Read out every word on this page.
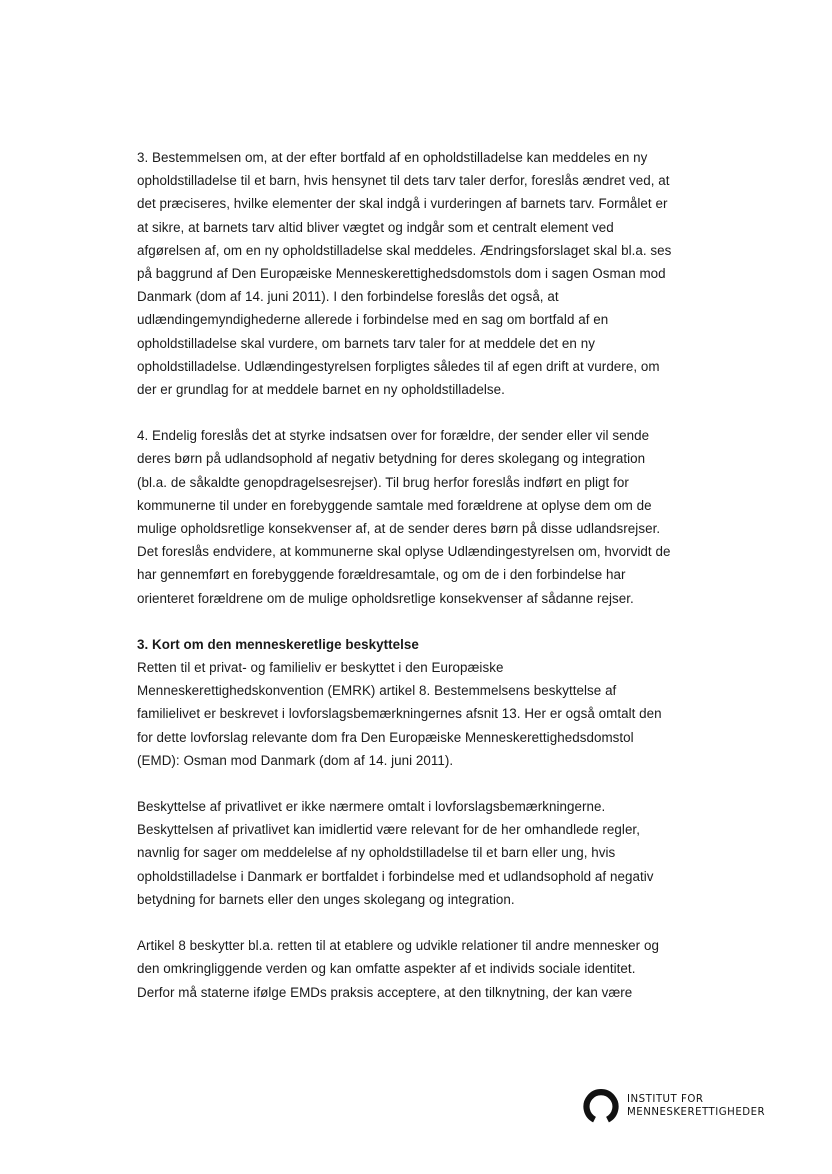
3. Bestemmelsen om, at der efter bortfald af en opholdstilladelse kan meddeles en ny
opholdstilladelse til et barn, hvis hensynet til dets tarv taler derfor, foreslås ændret ved, at
det præciseres, hvilke elementer der skal indgå i vurderingen af barnets tarv. Formålet er
at sikre, at barnets tarv altid bliver vægtet og indgår som et centralt element ved
afgørelsen af, om en ny opholdstilladelse skal meddeles. Ændringsforslaget skal bl.a. ses
på baggrund af Den Europæiske Menneskerettighedsdomstols dom i sagen Osman mod
Danmark (dom af 14. juni 2011). I den forbindelse foreslås det også, at
udlændingemyndighederne allerede i forbindelse med en sag om bortfald af en
opholdstilladelse skal vurdere, om barnets tarv taler for at meddele det en ny
opholdstilladelse. Udlændingestyrelsen forpligtes således til af egen drift at vurdere, om
der er grundlag for at meddele barnet en ny opholdstilladelse.

4. Endelig foreslås det at styrke indsatsen over for forældre, der sender eller vil sende
deres børn på udlandsophold af negativ betydning for deres skolegang og integration
(bl.a. de såkaldte genopdragelsesrejser). Til brug herfor foreslås indført en pligt for
kommunerne til under en forebyggende samtale med forældrene at oplyse dem om de
mulige opholdsretlige konsekvenser af, at de sender deres børn på disse udlandsrejser.
Det foreslås endvidere, at kommunerne skal oplyse Udlændingestyrelsen om, hvorvidt de
har gennemført en forebyggende forældresamtale, og om de i den forbindelse har
orienteret forældrene om de mulige opholdsretlige konsekvenser af sådanne rejser.

3. Kort om den menneskeretlige beskyttelse
Retten til et privat- og familieliv er beskyttet i den Europæiske
Menneskerettighedskonvention (EMRK) artikel 8. Bestemmelsens beskyttelse af
familielivet er beskrevet i lovforslagsbemærkningernes afsnit 13. Her er også omtalt den
for dette lovforslag relevante dom fra Den Europæiske Menneskerettighedsdomstol
(EMD): Osman mod Danmark (dom af 14. juni 2011).

Beskyttelse af privatlivet er ikke nærmere omtalt i lovforslagsbemærkningerne.
Beskyttelsen af privatlivet kan imidlertid være relevant for de her omhandlede regler,
navnlig for sager om meddelelse af ny opholdstilladelse til et barn eller ung, hvis
opholdstilladelse i Danmark er bortfaldet i forbindelse med et udlandsophold af negativ
betydning for barnets eller den unges skolegang og integration.

Artikel 8 beskytter bl.a. retten til at etablere og udvikle relationer til andre mennesker og
den omkringliggende verden og kan omfatte aspekter af et individs sociale identitet.
Derfor må staterne ifølge EMDs praksis acceptere, at den tilknytning, der kan være

INSTITUT FOR
MENNESKERETTIGHEDER
